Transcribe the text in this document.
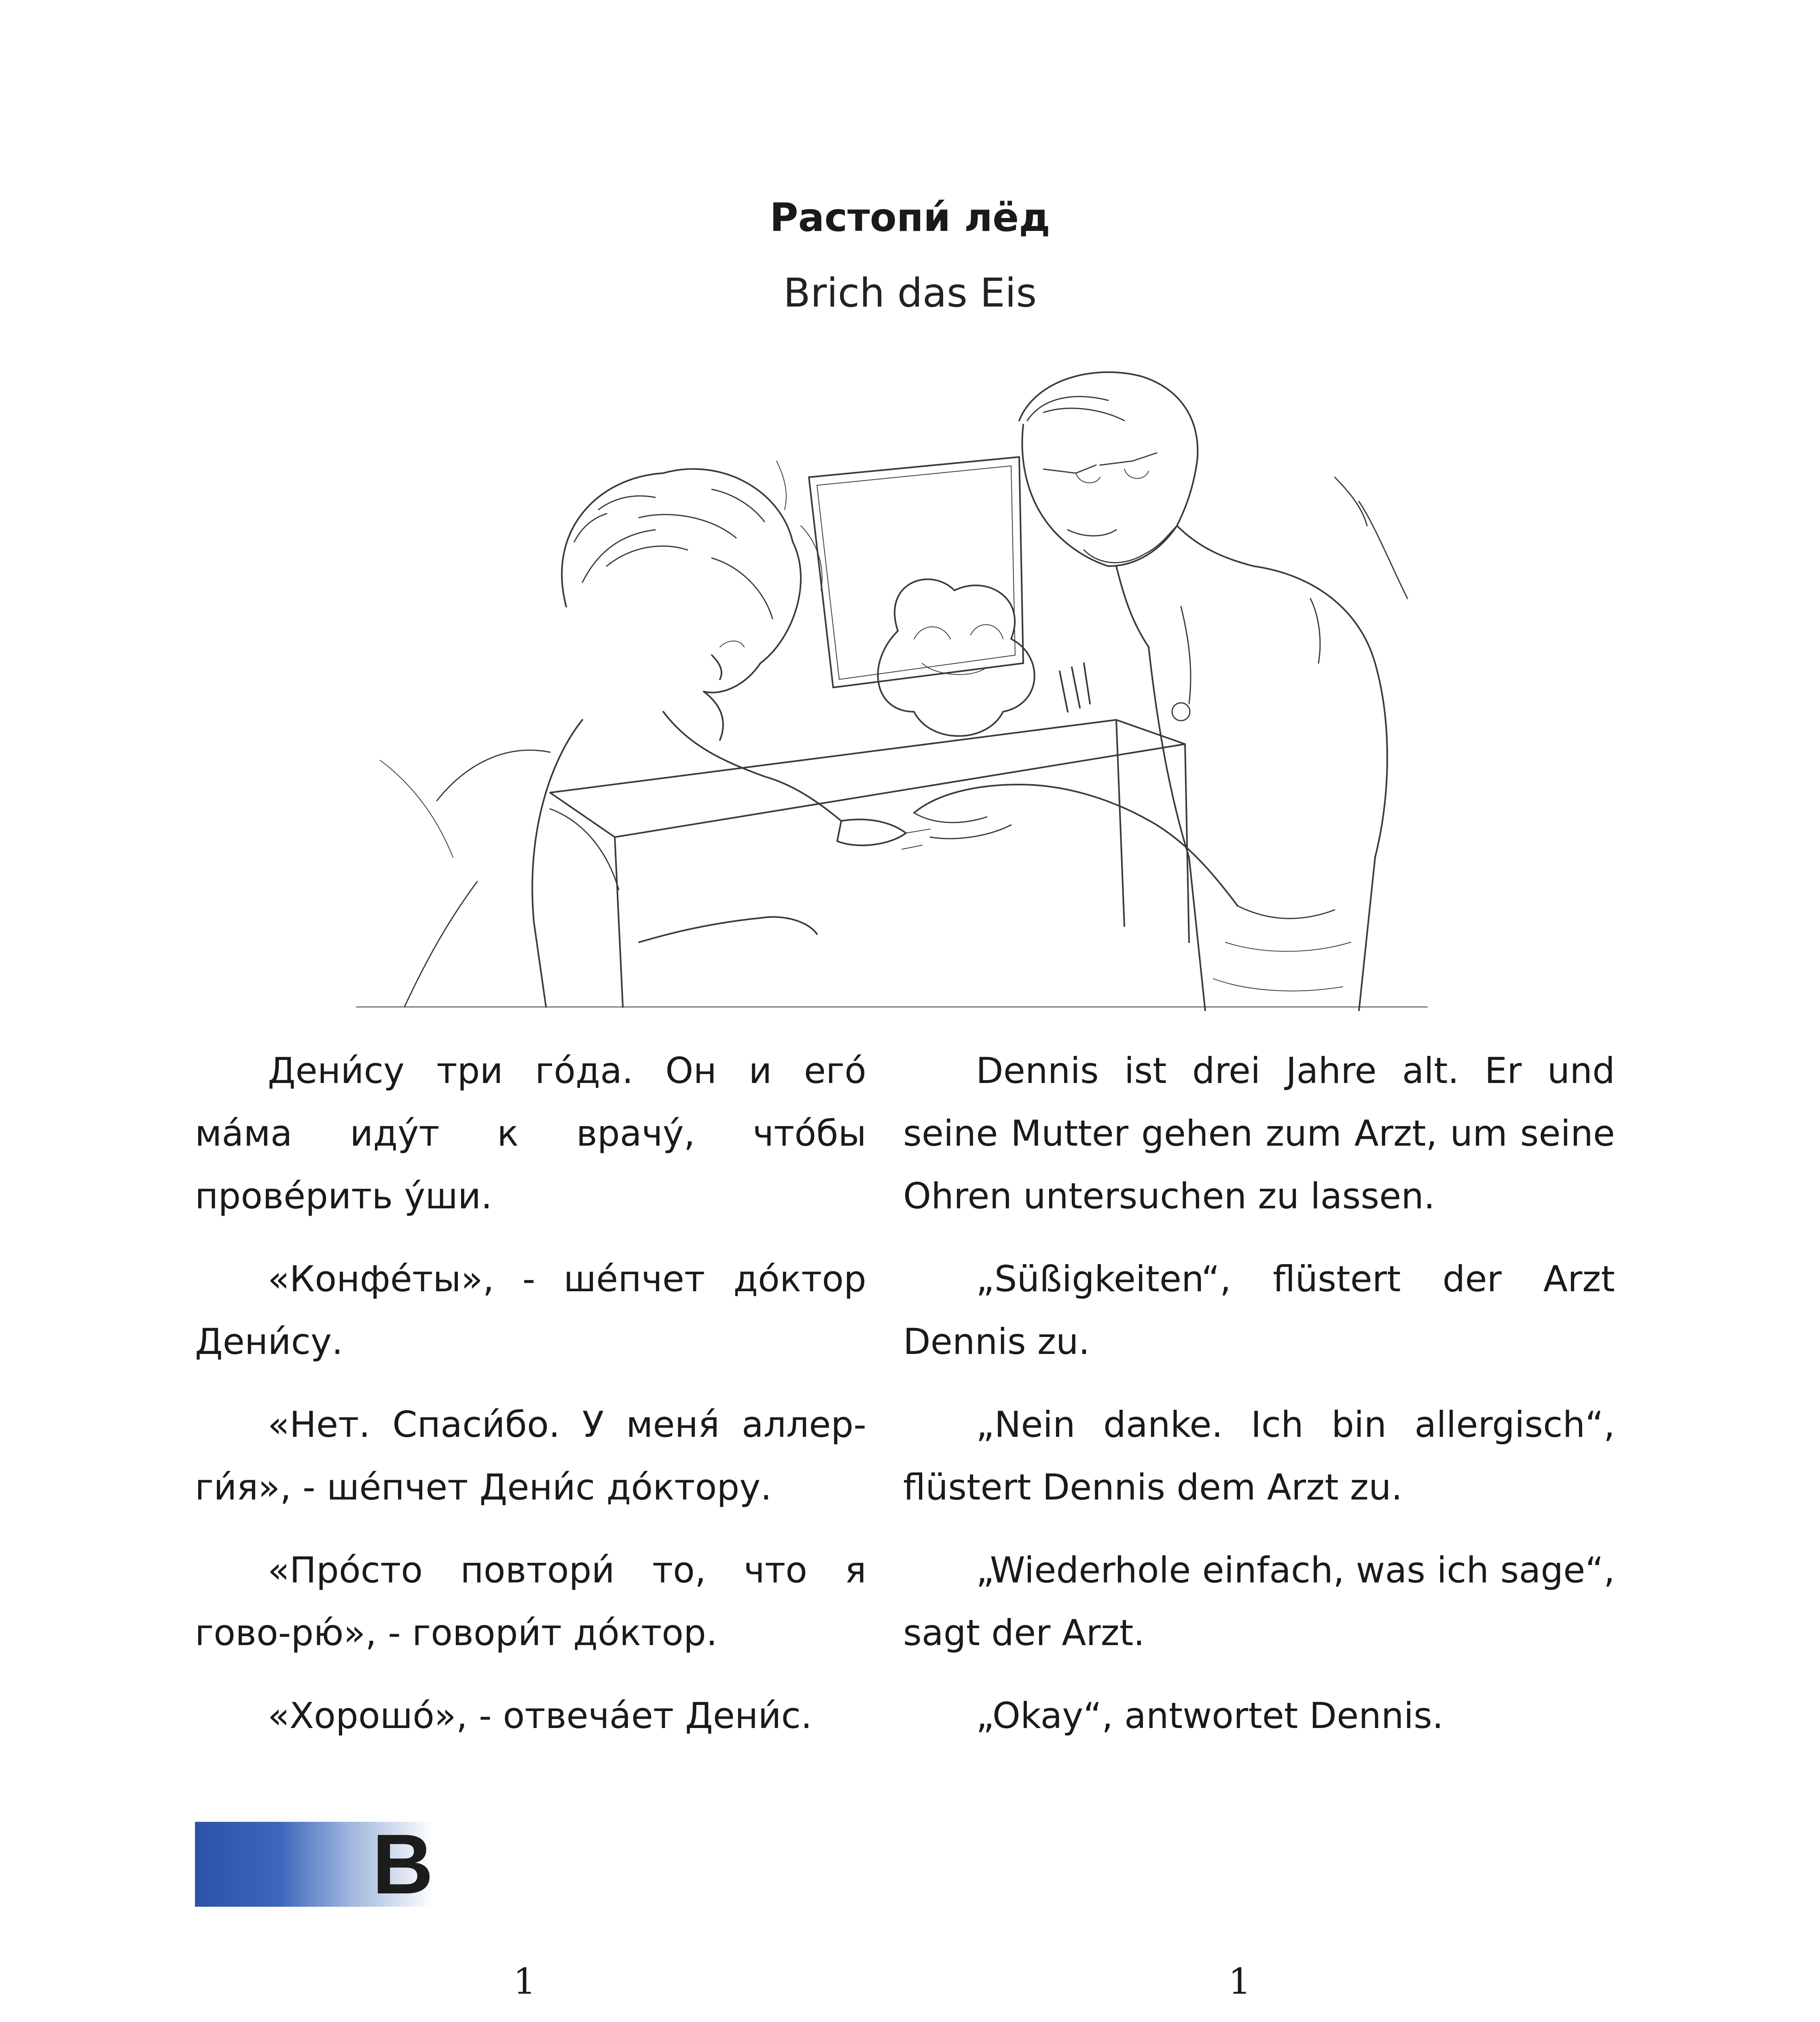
Растопи́ лёд
Brich das Eis

Дени́су три го́да. Он и его́ ма́ма иду́т к врачу́, что́бы прове́рить у́ши.

«Конфе́ты», - ше́пчет до́ктор Дени́су.

«Нет. Спаси́бо. У меня́ аллер-ги́я», - ше́пчет Дени́с до́ктору.

«Про́сто повтори́ то, что я гово-рю́», - говори́т до́ктор.

«Хорошо́», - отвеча́ет Дени́с.

Dennis ist drei Jahre alt. Er und seine Mutter gehen zum Arzt, um seine Ohren untersuchen zu lassen.

„Süßigkeiten“, flüstert der Arzt Dennis zu.

„Nein danke. Ich bin allergisch“, flüstert Dennis dem Arzt zu.

„Wiederhole einfach, was ich sage“, sagt der Arzt.

„Okay“, antwortet Dennis.

B
1	1
